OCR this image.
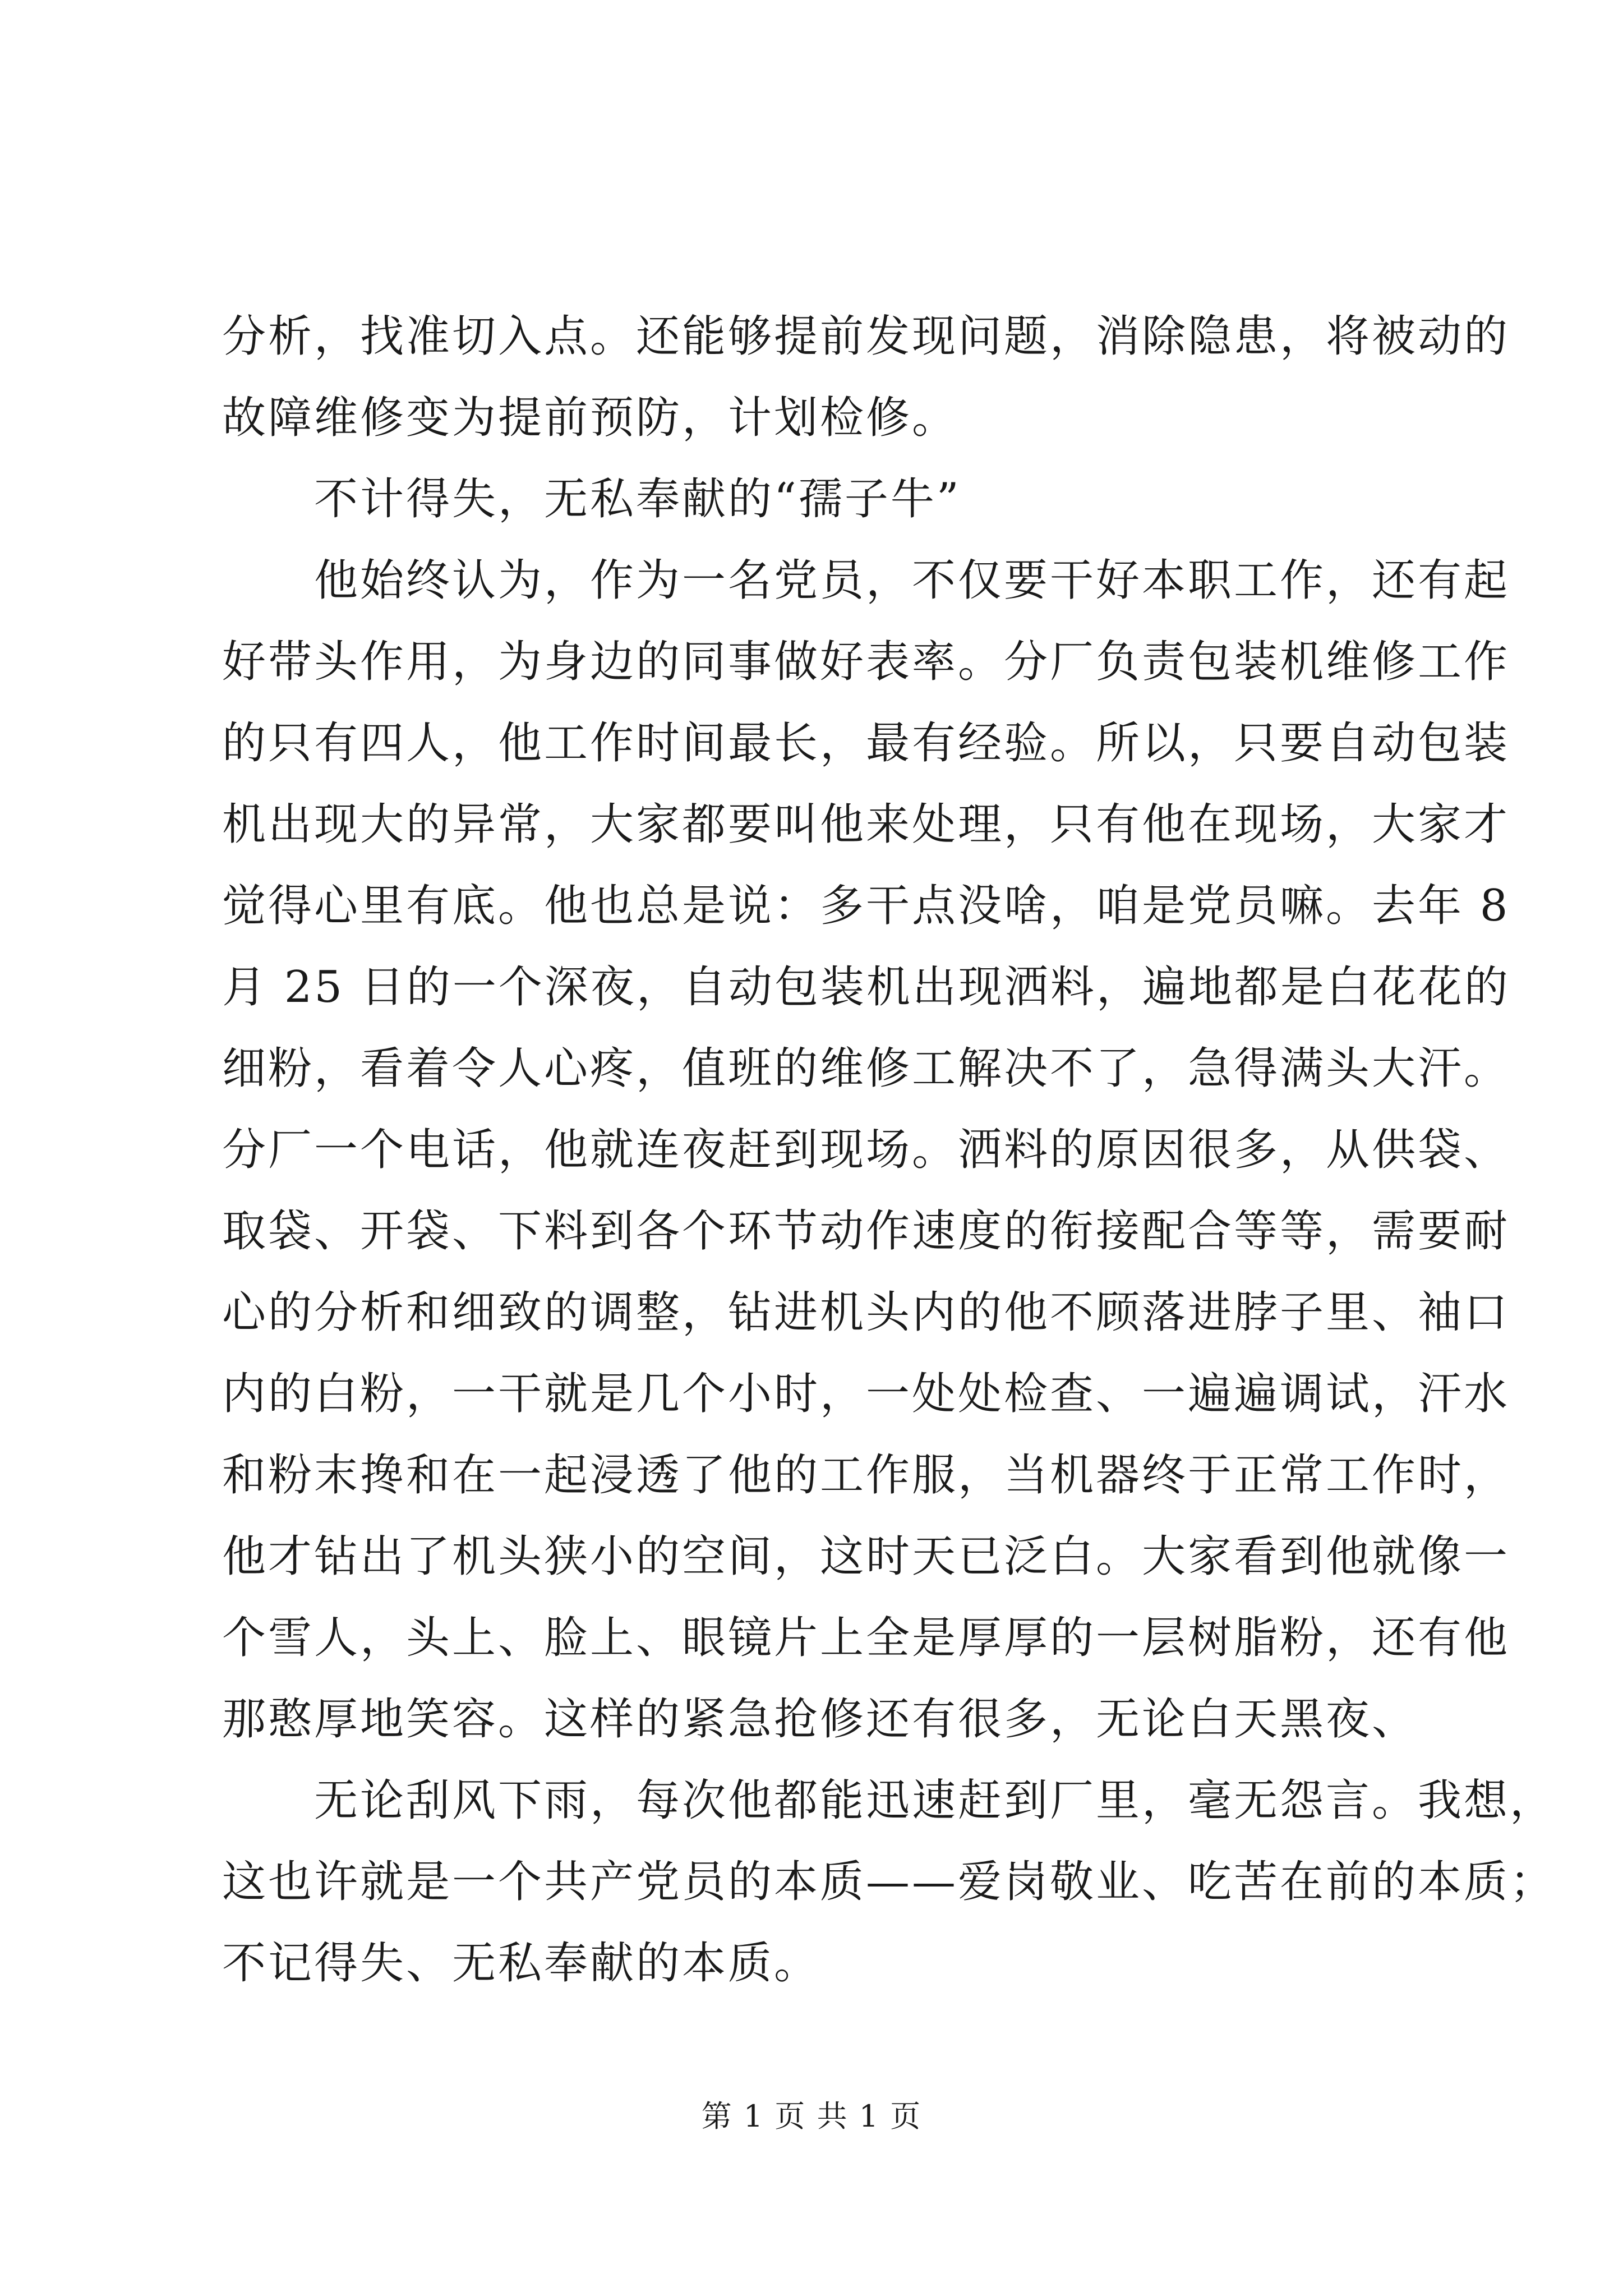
分析，找准切入点。还能够提前发现问题，消除隐患，将被动的
故障维修变为提前预防，计划检修。
　　不计得失，无私奉献的“孺子牛”
　　他始终认为，作为一名党员，不仅要干好本职工作，还有起
好带头作用，为身边的同事做好表率。分厂负责包装机维修工作
的只有四人，他工作时间最长，最有经验。所以，只要自动包装
机出现大的异常，大家都要叫他来处理，只有他在现场，大家才
觉得心里有底。他也总是说：多干点没啥，咱是党员嘛。去年 8
月 25 日的一个深夜，自动包装机出现洒料，遍地都是白花花的
细粉，看着令人心疼，值班的维修工解决不了，急得满头大汗。
分厂一个电话，他就连夜赶到现场。洒料的原因很多，从供袋、
取袋、开袋、下料到各个环节动作速度的衔接配合等等，需要耐
心的分析和细致的调整，钻进机头内的他不顾落进脖子里、袖口
内的白粉，一干就是几个小时，一处处检查、一遍遍调试，汗水
和粉末搀和在一起浸透了他的工作服，当机器终于正常工作时，
他才钻出了机头狭小的空间，这时天已泛白。大家看到他就像一
个雪人，头上、脸上、眼镜片上全是厚厚的一层树脂粉，还有他
那憨厚地笑容。这样的紧急抢修还有很多，无论白天黑夜、
　　无论刮风下雨，每次他都能迅速赶到厂里，毫无怨言。我想，
这也许就是一个共产党员的本质——爱岗敬业、吃苦在前的本质；
不记得失、无私奉献的本质。
第 1 页 共 1 页
